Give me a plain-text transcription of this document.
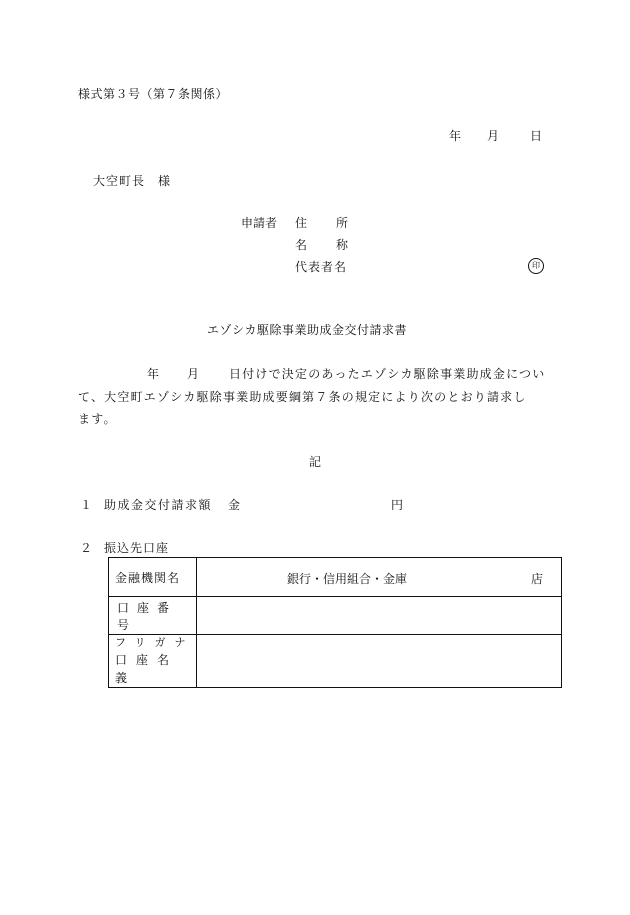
様式第３号（第７条関係）
年 月	日
大空町長　様
申請者 住 所
名 称
代表者名	印
エゾシカ駆除事業助成金交付請求書
年 月 日付けで決定のあったエゾシカ駆除事業助成金につい
て、大空町エゾシカ駆除事業助成要綱第７条の規定により次のとおり請求し
ます。
記
１ 助成金交付請求額 金	円
２ 振込先口座
金融機関名	銀行・信用組合・金庫 店

口座番号	

フリガナ
口座名義	
